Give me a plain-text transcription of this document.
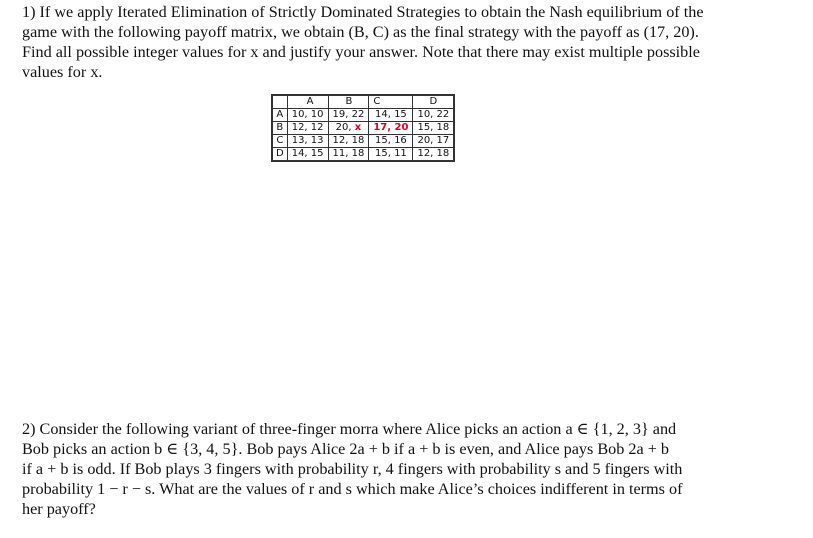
1) If we apply Iterated Elimination of Strictly Dominated Strategies to obtain the Nash equilibrium of the
game with the following payoff matrix, we obtain (B, C) as the final strategy with the payoff as (17, 20).
Find all possible integer values for x and justify your answer. Note that there may exist multiple possible
values for x.
	A	B	C	D
A	10, 10	19, 22	14, 15	10, 22
B	12, 12	20, x	17, 20	15, 18
C	13, 13	12, 18	15, 16	20, 17
D	14, 15	11, 18	15, 11	12, 18
2) Consider the following variant of three-finger morra where Alice picks an action a ∈ {1, 2, 3} and
Bob picks an action b ∈ {3, 4, 5}. Bob pays Alice 2a + b if a + b is even, and Alice pays Bob 2a + b
if a + b is odd. If Bob plays 3 fingers with probability r, 4 fingers with probability s and 5 fingers with
probability 1 − r − s. What are the values of r and s which make Alice’s choices indifferent in terms of
her payoff?
